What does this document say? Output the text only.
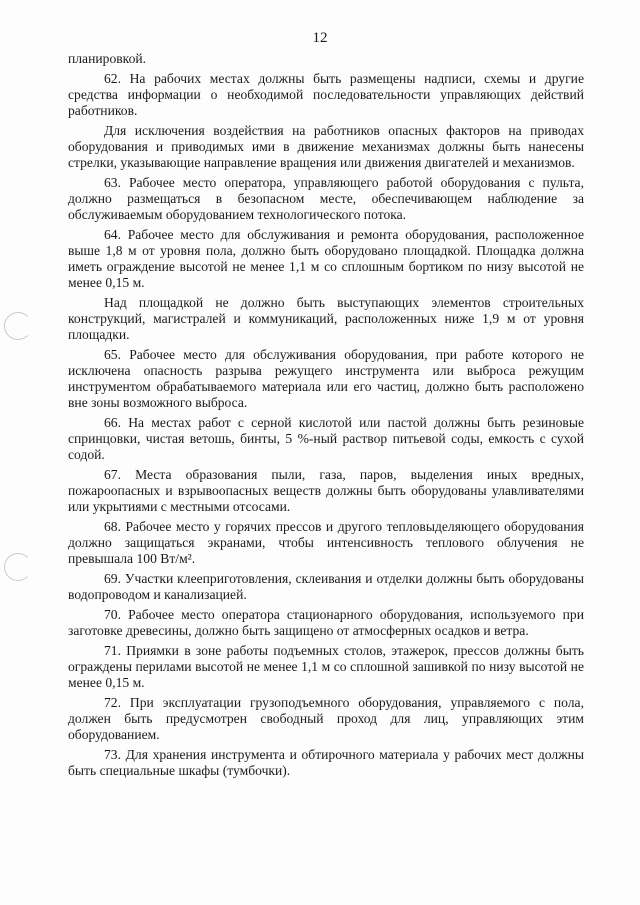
12

планировкой.

62. На рабочих местах должны быть размещены надписи, схемы и другие средства информации о необходимой последовательности управляющих действий работников.

Для исключения воздействия на работников опасных факторов на приводах оборудования и приводимых ими в движение механизмах должны быть нанесены стрелки, указывающие направление вращения или движения двигателей и механизмов.

63. Рабочее место оператора, управляющего работой оборудования с пульта, должно размещаться в безопасном месте, обеспечивающем наблюдение за обслуживаемым оборудованием технологического потока.

64. Рабочее место для обслуживания и ремонта оборудования, расположенное выше 1,8 м от уровня пола, должно быть оборудовано площадкой. Площадка должна иметь ограждение высотой не менее 1,1 м со сплошным бортиком по низу высотой не менее 0,15 м.

Над площадкой не должно быть выступающих элементов строительных конструкций, магистралей и коммуникаций, расположенных ниже 1,9 м от уровня площадки.

65. Рабочее место для обслуживания оборудования, при работе которого не исключена опасность разрыва режущего инструмента или выброса режущим инструментом обрабатываемого материала или его частиц, должно быть расположено вне зоны возможного выброса.

66. На местах работ с серной кислотой или пастой должны быть резиновые спринцовки, чистая ветошь, бинты, 5 %-ный раствор питьевой соды, емкость с сухой содой.

67. Места образования пыли, газа, паров, выделения иных вредных, пожароопасных и взрывоопасных веществ должны быть оборудованы улавливателями или укрытиями с местными отсосами.

68. Рабочее место у горячих прессов и другого тепловыделяющего оборудования должно защищаться экранами, чтобы интенсивность теплового облучения не превышала 100 Вт/м².

69. Участки клееприготовления, склеивания и отделки должны быть оборудованы водопроводом и канализацией.

70. Рабочее место оператора стационарного оборудования, используемого при заготовке древесины, должно быть защищено от атмосферных осадков и ветра.

71. Приямки в зоне работы подъемных столов, этажерок, прессов должны быть ограждены перилами высотой не менее 1,1 м со сплошной зашивкой по низу высотой не менее 0,15 м.

72. При эксплуатации грузоподъемного оборудования, управляемого с пола, должен быть предусмотрен свободный проход для лиц, управляющих этим оборудованием.

73. Для хранения инструмента и обтирочного материала у рабочих мест должны быть специальные шкафы (тумбочки).
